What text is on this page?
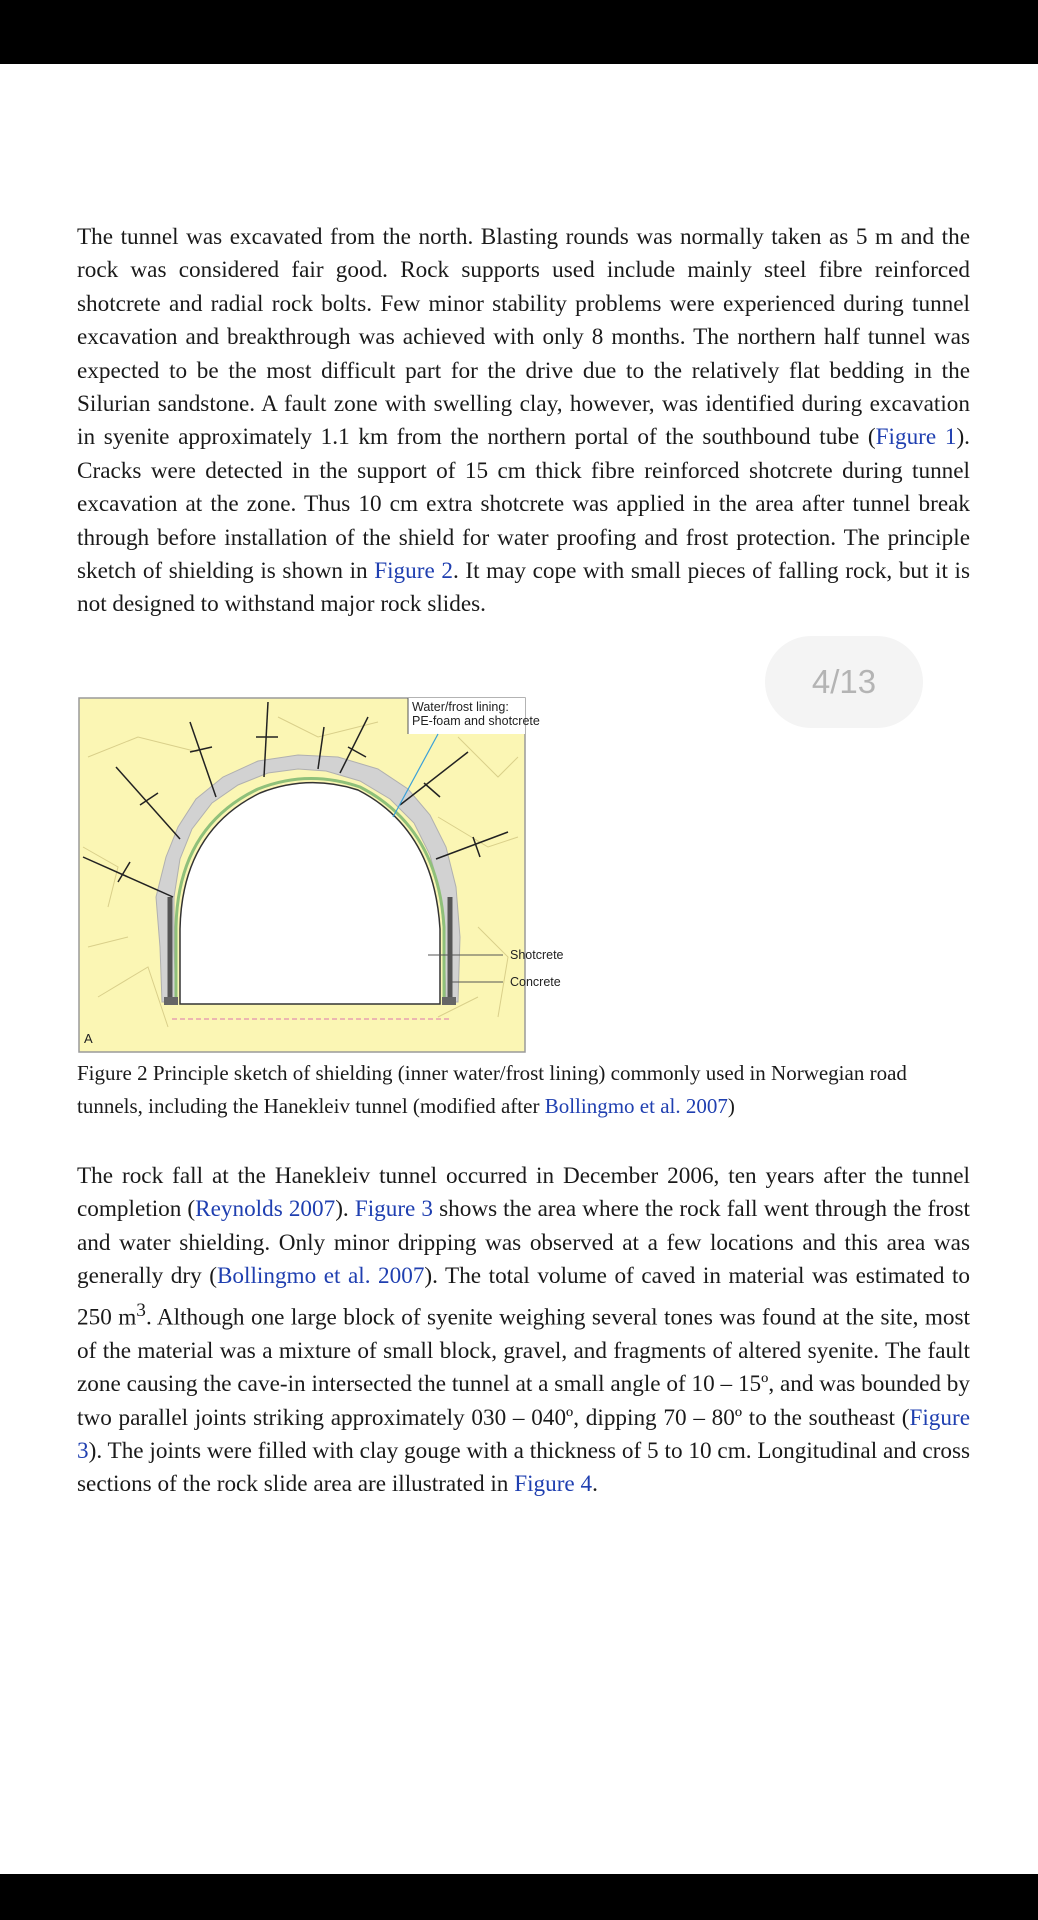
The tunnel was excavated from the north. Blasting rounds was normally taken as 5 m and the rock was considered fair good. Rock supports used include mainly steel fibre reinforced shotcrete and radial rock bolts. Few minor stability problems were experienced during tunnel excavation and breakthrough was achieved with only 8 months. The northern half tunnel was expected to be the most difficult part for the drive due to the relatively flat bedding in the Silurian sandstone. A fault zone with swelling clay, however, was identified during excavation in syenite approximately 1.1 km from the northern portal of the southbound tube (Figure 1). Cracks were detected in the support of 15 cm thick fibre reinforced shotcrete during tunnel excavation at the zone. Thus 10 cm extra shotcrete was applied in the area after tunnel break through before installation of the shield for water proofing and frost protection. The principle sketch of shielding is shown in Figure 2. It may cope with small pieces of falling rock, but it is not designed to withstand major rock slides.

4 / 13
Water/frost lining:
PE-foam and shotcrete
Shotcrete
Concrete
A

Figure 2 Principle sketch of shielding (inner water/frost lining) commonly used in Norwegian road tunnels, including the Hanekleiv tunnel (modified after Bollingmo et al. 2007)

The rock fall at the Hanekleiv tunnel occurred in December 2006, ten years after the tunnel completion (Reynolds 2007). Figure 3 shows the area where the rock fall went through the frost and water shielding. Only minor dripping was observed at a few locations and this area was generally dry (Bollingmo et al. 2007). The total volume of caved in material was estimated to 250 $m^3$. Although one large block of syenite weighing several tones was found at the site, most of the material was a mixture of small block, gravel, and fragments of altered syenite. The fault zone causing the cave-in intersected the tunnel at a small angle of 10 – 15º, and was bounded by two parallel joints striking approximately 030 – 040º, dipping 70 – 80º to the southeast (Figure 3). The joints were filled with clay gouge with a thickness of 5 to 10 cm. Longitudinal and cross sections of the rock slide area are illustrated in Figure 4.
